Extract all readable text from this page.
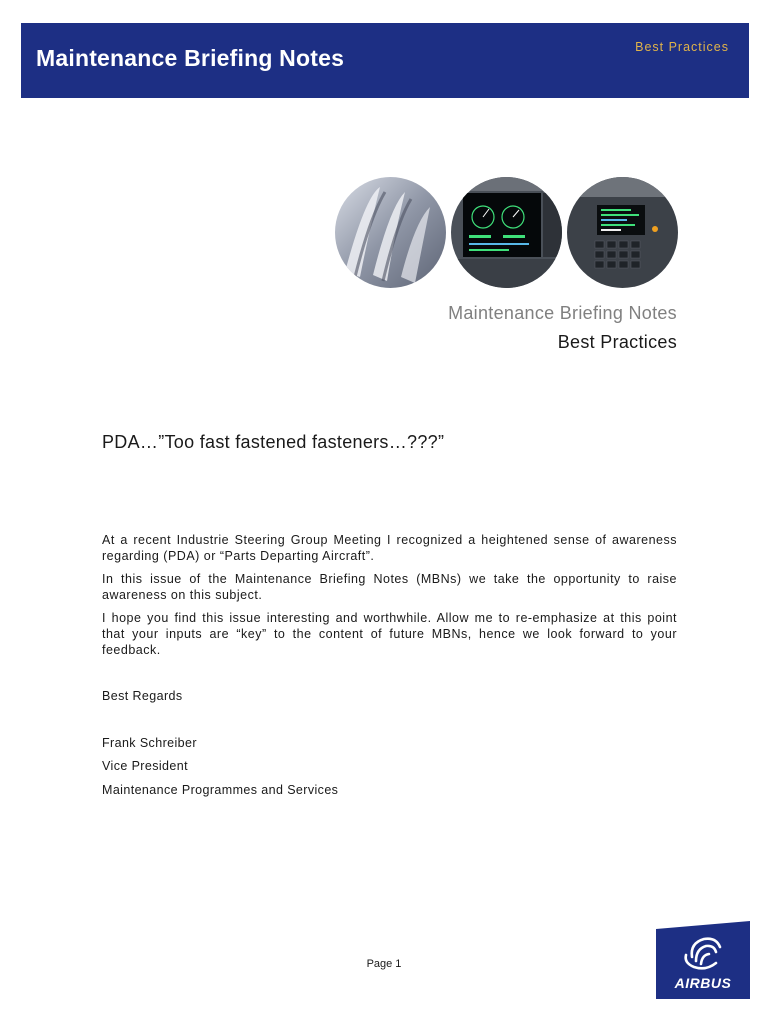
Maintenance Briefing Notes	Best Practices
Maintenance Briefing Notes
Best Practices
PDA…”Too fast fastened fasteners…???”

At a recent Industrie Steering Group Meeting I recognized a heightened sense of awareness regarding (PDA) or “Parts Departing Aircraft”.

In this issue of the Maintenance Briefing Notes (MBNs) we take the opportunity to raise awareness on this subject.

I hope you find this issue interesting and worthwhile. Allow me to re-emphasize at this point that your inputs are “key” to the content of future MBNs, hence we look forward to your feedback.

Best Regards
Frank Schreiber
Vice President
Maintenance Programmes and Services
Page 1
AIRBUS
